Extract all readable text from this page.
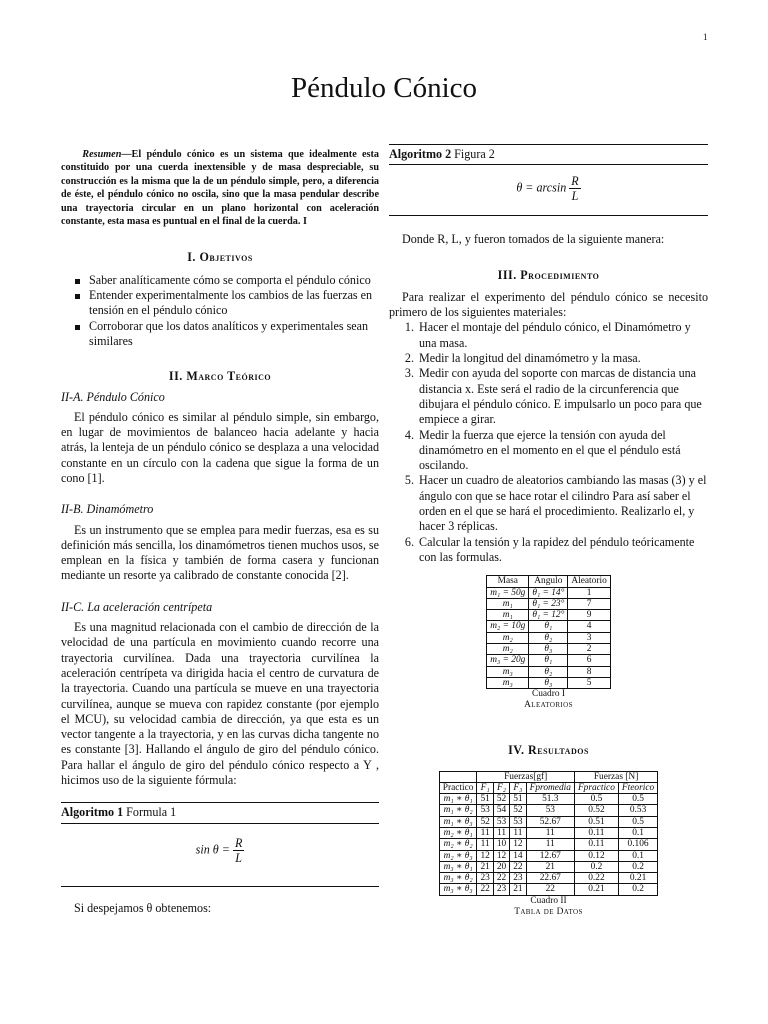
1
Péndulo Cónico

Resumen—El péndulo cónico es un sistema que idealmente esta constituido por una cuerda inextensible y de masa despreciable, su construcción es la misma que la de un péndulo simple, pero, a diferencia de éste, el péndulo cónico no oscila, sino que la masa pendular describe una trayectoria circular en un plano horizontal con aceleración constante, esta masa es puntual en el final de la cuerda. I

I. Objetivos
Saber analíticamente cómo se comporta el péndulo cónico
Entender experimentalmente los cambios de las fuerzas en tensión en el péndulo cónico
Corroborar que los datos analíticos y experimentales sean similares
II. Marco Teórico

II-A. Péndulo Cónico

El péndulo cónico es similar al péndulo simple, sin embargo, en lugar de movimientos de balanceo hacia adelante y hacia atrás, la lenteja de un péndulo cónico se desplaza a una velocidad constante en un círculo con la cadena que sigue la forma de un cono [1].

II-B. Dinamómetro

Es un instrumento que se emplea para medir fuerzas, esa es su definición más sencilla, los dinamómetros tienen muchos usos, se emplean en la física y también de forma casera y funcionan mediante un resorte ya calibrado de constante conocida [2].

II-C. La aceleración centrípeta

Es una magnitud relacionada con el cambio de dirección de la velocidad de una partícula en movimiento cuando recorre una trayectoria curvilínea. Dada una trayectoria curvilínea la aceleración centrípeta va dirigida hacia el centro de curvatura de la trayectoria. Cuando una partícula se mueve en una trayectoria curvilínea, aunque se mueva con rapidez constante (por ejemplo el MCU), su velocidad cambia de dirección, ya que esta es un vector tangente a la trayectoria, y en las curvas dicha tangente no es constante [3]. Hallando el ángulo de giro del péndulo cónico. Para hallar el ángulo de giro del péndulo cónico respecto a Y , hicimos uso de la siguiente fórmula:

Algoritmo 1 Formula 1
$\sin \theta = \frac{R}{L}$

Si despejamos θ obtenemos:

Algoritmo 2 Figura 2
$\theta = \arcsin \frac{R}{L}$

Donde R, L, y fueron tomados de la siguiente manera:

III. Procedimiento

Para realizar el experimento del péndulo cónico se necesito primero de los siguientes materiales:

1. Hacer el montaje del péndulo cónico, el Dinamómetro y una masa.
2. Medir la longitud del dinamómetro y la masa.
3. Medir con ayuda del soporte con marcas de distancia una distancia x. Este será el radio de la circunferencia que dibujara el péndulo cónico. E impulsarlo un poco para que empiece a girar.
4. Medir la fuerza que ejerce la tensión con ayuda del dinamómetro en el momento en el que el péndulo está oscilando.
5. Hacer un cuadro de aleatorios cambiando las masas (3) y el ángulo con que se hace rotar el cilindro Para así saber el orden en el que se hará el procedimiento. Realizarlo el, y hacer 3 réplicas.
6. Calcular la tensión y la rapidez del péndulo teóricamente con las formulas.
Masa	Angulo	Aleatorio
m₁ = 50g	θ₁ = 14°	1
m₁	θ₁ = 23°	7
m₁	θ₁ = 12°	9
m₂ = 10g	θ₁	4
m₂	θ₂	3
m₂	θ₃	2
m₃ = 20g	θ₁	6
m₃	θ₂	8
m₃	θ₃	5
Cuadro I
Aleatorios
IV. Resultados
	Fuerzas[gf]				Fuerzas [N]	
Practico	F₁	F₂	F₃	Fpromedia	Fpractico	Fteorico
m₁ ∗ θ₁	51	52	51	51.3	0.5	0.5
m₁ ∗ θ₂	53	54	52	53	0.52	0.53
m₁ ∗ θ₃	52	53	53	52.67	0.51	0.5
m₂ ∗ θ₁	11	11	11	11	0.11	0.1
m₂ ∗ θ₂	11	10	12	11	0.11	0.106
m₂ ∗ θ₃	12	12	14	12.67	0.12	0.1
m₃ ∗ θ₁	21	20	22	21	0.2	0.2
m₃ ∗ θ₂	23	22	23	22.67	0.22	0.21
m₃ ∗ θ₃	22	23	21	22	0.21	0.2
Cuadro II
Tabla de Datos
